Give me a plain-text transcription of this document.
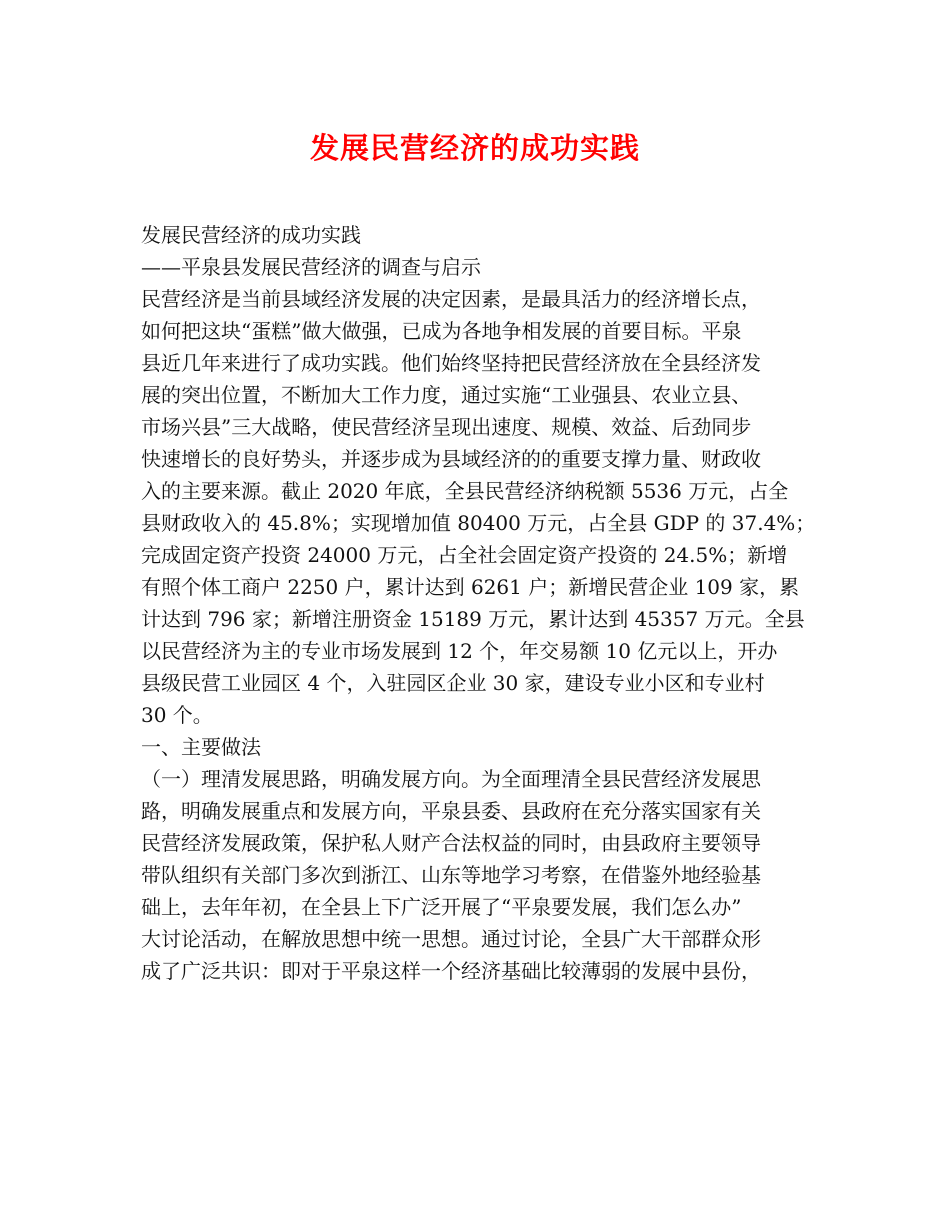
发展民营经济的成功实践

发展民营经济的成功实践

——平泉县发展民营经济的调查与启示

民营经济是当前县域经济发展的决定因素，是最具活力的经济增长点，

如何把这块“蛋糕”做大做强，已成为各地争相发展的首要目标。平泉

县近几年来进行了成功实践。他们始终坚持把民营经济放在全县经济发

展的突出位置，不断加大工作力度，通过实施“工业强县、农业立县、

市场兴县”三大战略，使民营经济呈现出速度、规模、效益、后劲同步

快速增长的良好势头，并逐步成为县域经济的的重要支撑力量、财政收

入的主要来源。截止 2020 年底，全县民营经济纳税额 5536 万元，占全

县财政收入的 45.8%；实现增加值 80400 万元，占全县 GDP 的 37.4%；

完成固定资产投资 24000 万元，占全社会固定资产投资的 24.5%；新增

有照个体工商户 2250 户，累计达到 6261 户；新增民营企业 109 家，累

计达到 796 家；新增注册资金 15189 万元，累计达到 45357 万元。全县

以民营经济为主的专业市场发展到 12 个，年交易额 10 亿元以上，开办

县级民营工业园区 4 个，入驻园区企业 30 家，建设专业小区和专业村

30 个。

一、主要做法

（一）理清发展思路，明确发展方向。为全面理清全县民营经济发展思

路，明确发展重点和发展方向，平泉县委、县政府在充分落实国家有关

民营经济发展政策，保护私人财产合法权益的同时，由县政府主要领导

带队组织有关部门多次到浙江、山东等地学习考察，在借鉴外地经验基

础上，去年年初，在全县上下广泛开展了“平泉要发展，我们怎么办”

大讨论活动，在解放思想中统一思想。通过讨论，全县广大干部群众形

成了广泛共识：即对于平泉这样一个经济基础比较薄弱的发展中县份，
